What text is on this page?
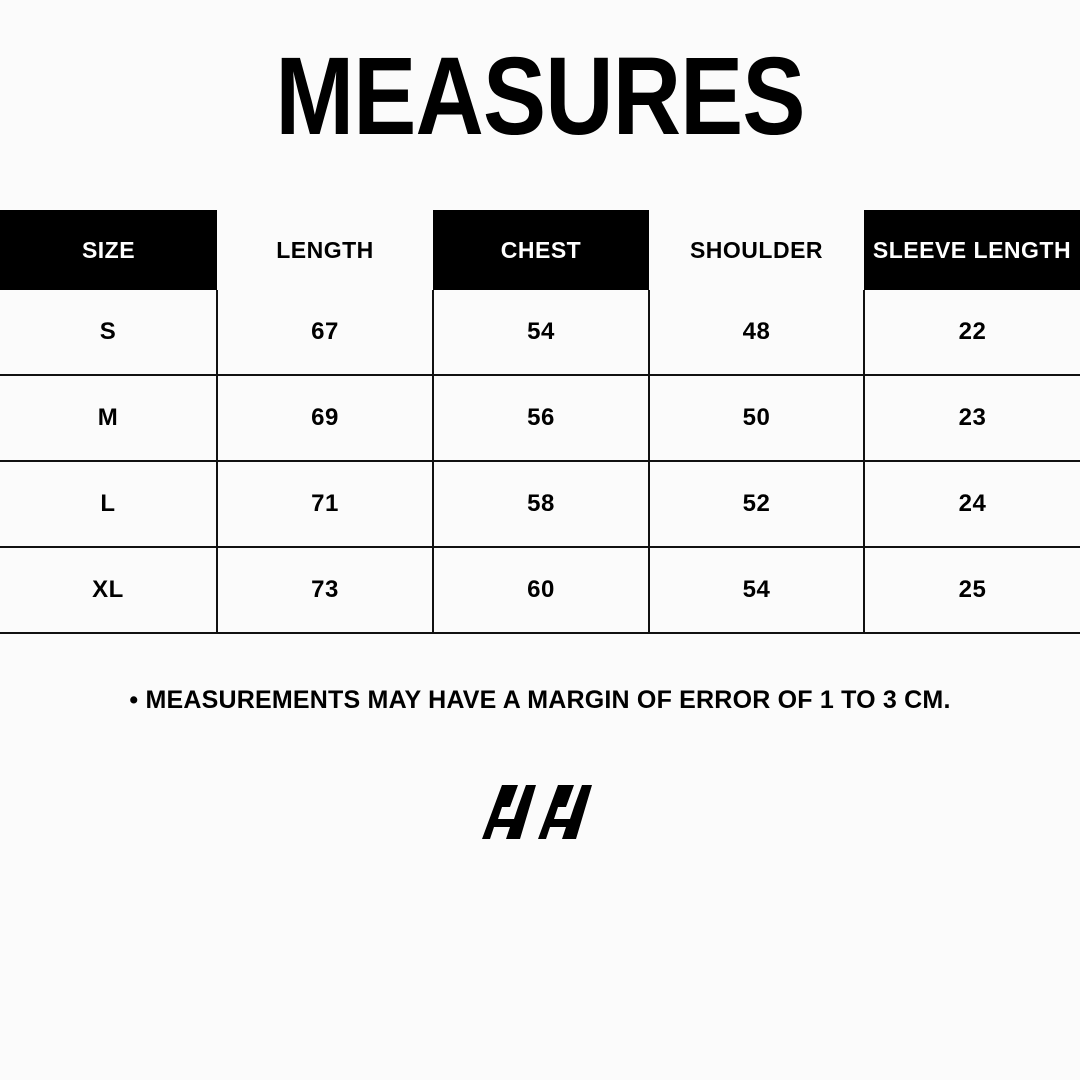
MEASURES
SIZE	LENGTH	CHEST	SHOULDER	SLEEVE LENGTH
S	67	54	48	22
M	69	56	50	23
L	71	58	52	24
XL	73	60	54	25
• MEASUREMENTS MAY HAVE A MARGIN OF ERROR OF 1 TO 3 CM.
